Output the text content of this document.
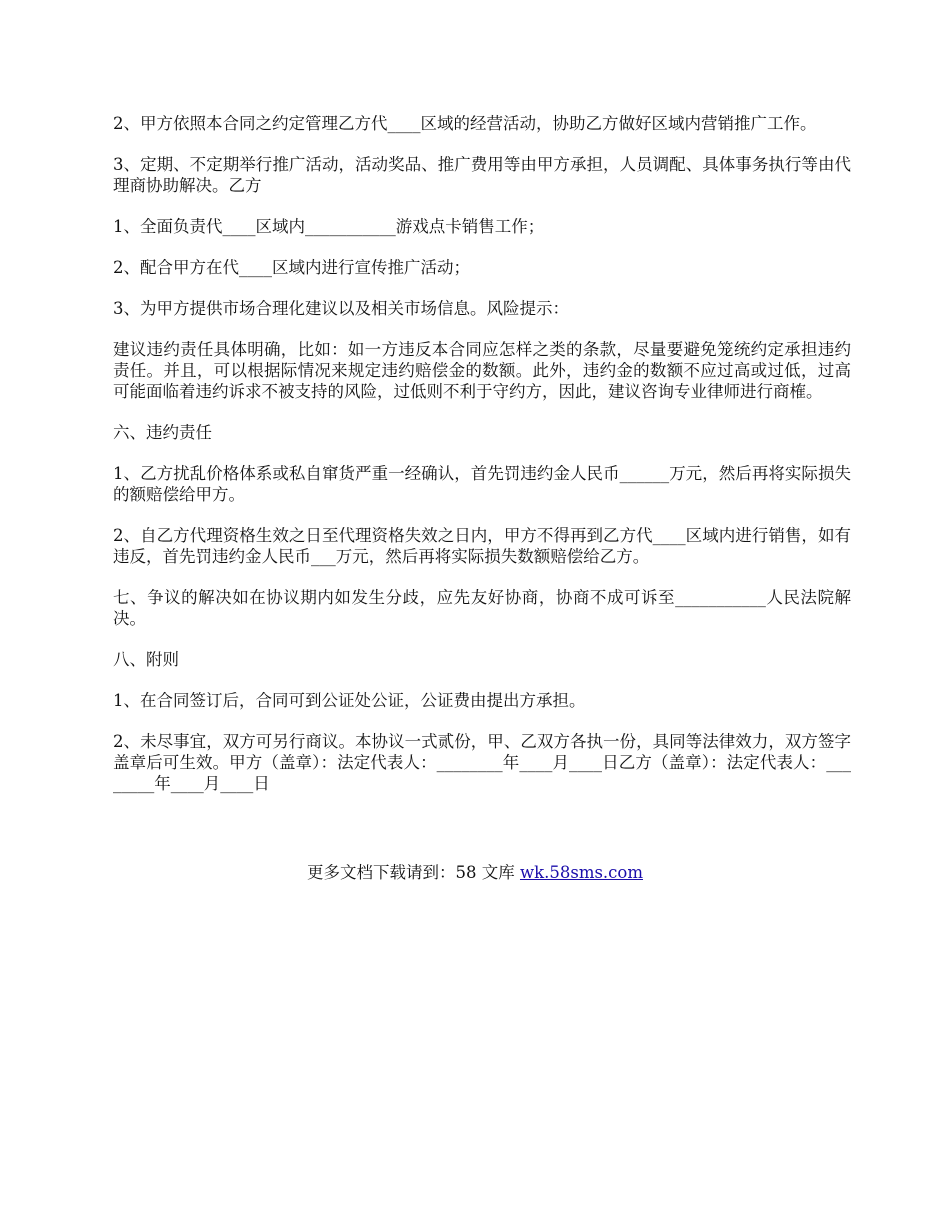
2、甲方依照本合同之约定管理乙方代____区域的经营活动，协助乙方做好区域内营销推广工作。

3、定期、不定期举行推广活动，活动奖品、推广费用等由甲方承担，人员调配、具体事务执行等由代理商协助解决。乙方

1、全面负责代____区域内___________游戏点卡销售工作；

2、配合甲方在代____区域内进行宣传推广活动；

3、为甲方提供市场合理化建议以及相关市场信息。风险提示：

建议违约责任具体明确，比如：如一方违反本合同应怎样之类的条款，尽量要避免笼统约定承担违约责任。并且，可以根据际情况来规定违约赔偿金的数额。此外，违约金的数额不应过高或过低，过高可能面临着违约诉求不被支持的风险，过低则不利于守约方，因此，建议咨询专业律师进行商榷。

六、违约责任

1、乙方扰乱价格体系或私自窜货严重一经确认，首先罚违约金人民币______万元，然后再将实际损失的额赔偿给甲方。

2、自乙方代理资格生效之日至代理资格失效之日内，甲方不得再到乙方代____区域内进行销售，如有违反，首先罚违约金人民币___万元，然后再将实际损失数额赔偿给乙方。

七、争议的解决如在协议期内如发生分歧，应先友好协商，协商不成可诉至___________人民法院解决。

八、附则

1、在合同签订后，合同可到公证处公证，公证费由提出方承担。

2、未尽事宜，双方可另行商议。本协议一式贰份，甲、乙双方各执一份，具同等法律效力，双方签字盖章后可生效。甲方（盖章）：法定代表人：________年____月____日乙方（盖章）：法定代表人：________年____月____日

更多文档下载请到：58 文库 wk.58sms.com
